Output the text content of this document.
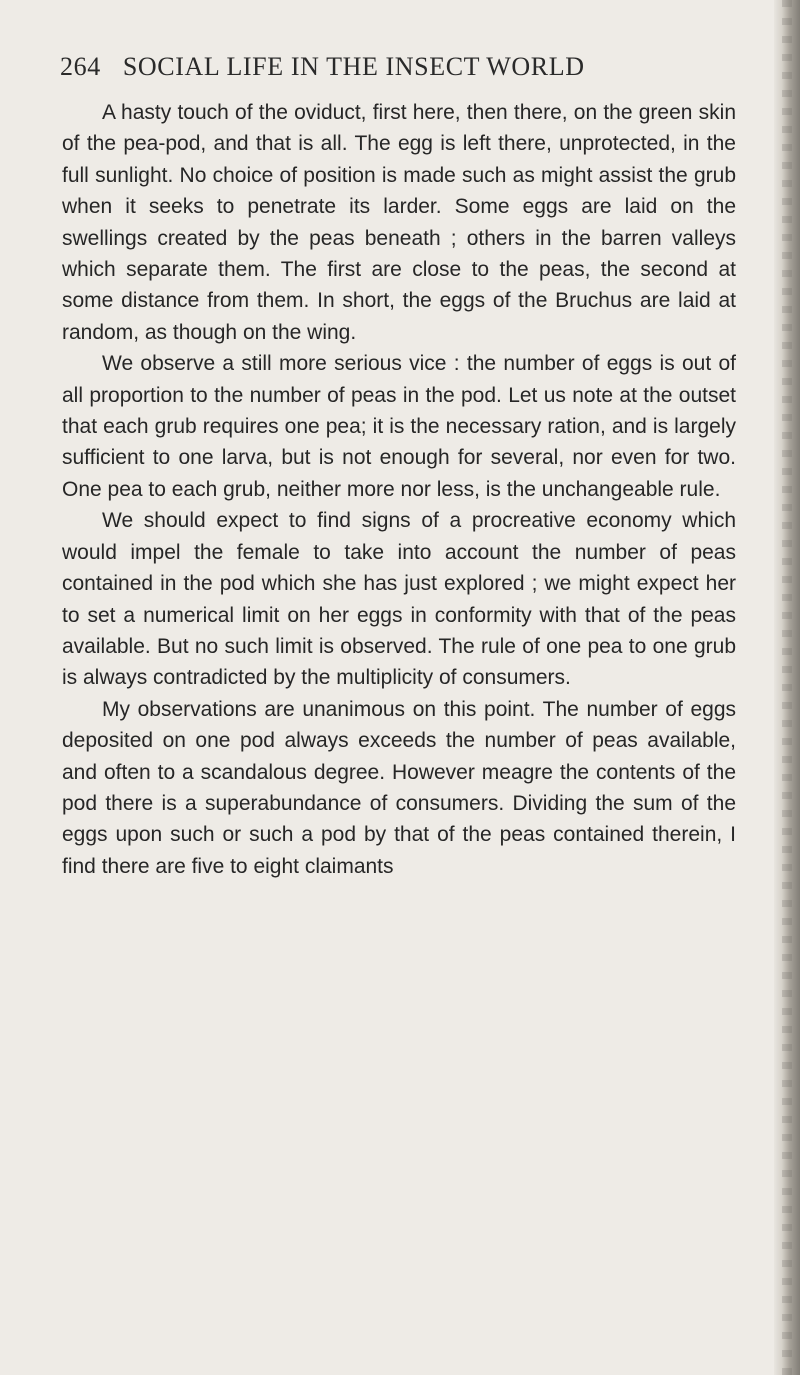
264 SOCIAL LIFE IN THE INSECT WORLD

A hasty touch of the oviduct, first here, then there, on the green skin of the pea-pod, and that is all. The egg is left there, unprotected, in the full sunlight. No choice of position is made such as might assist the grub when it seeks to penetrate its larder. Some eggs are laid on the swellings created by the peas beneath ; others in the barren valleys which separate them. The first are close to the peas, the second at some distance from them. In short, the eggs of the Bruchus are laid at random, as though on the wing.

We observe a still more serious vice : the number of eggs is out of all proportion to the number of peas in the pod. Let us note at the outset that each grub requires one pea; it is the necessary ration, and is largely sufficient to one larva, but is not enough for several, nor even for two. One pea to each grub, neither more nor less, is the unchangeable rule.

We should expect to find signs of a procreative economy which would impel the female to take into account the number of peas contained in the pod which she has just explored ; we might expect her to set a numerical limit on her eggs in conformity with that of the peas available. But no such limit is observed. The rule of one pea to one grub is always contradicted by the multiplicity of consumers.

My observations are unanimous on this point. The number of eggs deposited on one pod always exceeds the number of peas available, and often to a scandalous degree. However meagre the contents of the pod there is a superabundance of consumers. Dividing the sum of the eggs upon such or such a pod by that of the peas contained therein, I find there are five to eight claimants
